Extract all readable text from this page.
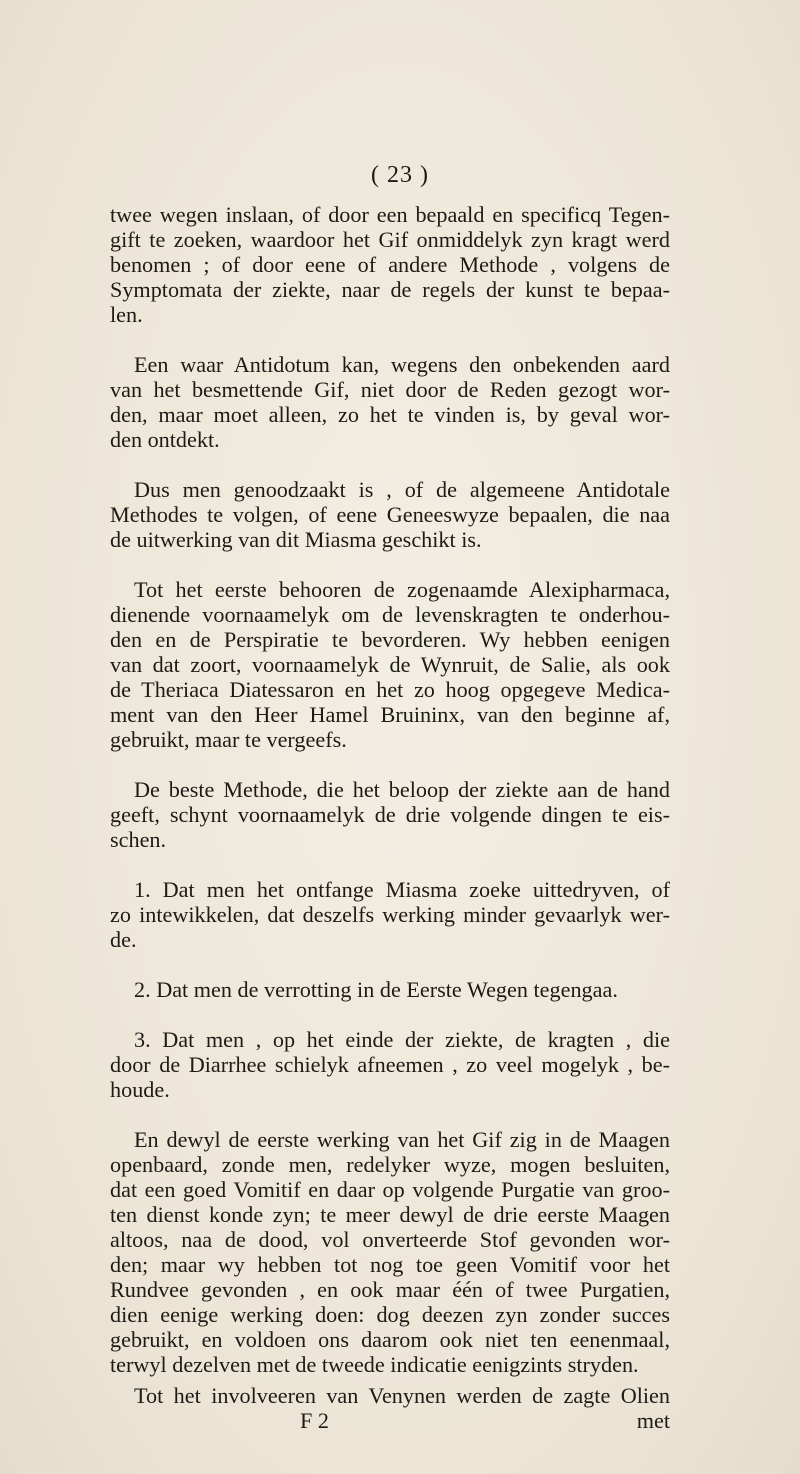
( 23 )
twee wegen inslaan, of door een bepaald en specificq Tegen-
gift te zoeken, waardoor het Gif onmiddelyk zyn kragt werd
benomen ; of door eene of andere Methode , volgens de
Symptomata der ziekte, naar de regels der kunst te bepaa-
len.
Een waar Antidotum kan, wegens den onbekenden aard
van het besmettende Gif, niet door de Reden gezogt wor-
den, maar moet alleen, zo het te vinden is, by geval wor-
den ontdekt.
Dus men genoodzaakt is , of de algemeene Antidotale
Methodes te volgen, of eene Geneeswyze bepaalen, die naa
de uitwerking van dit Miasma geschikt is.
Tot het eerste behooren de zogenaamde Alexipharmaca,
dienende voornaamelyk om de levenskragten te onderhou-
den en de Perspiratie te bevorderen. Wy hebben eenigen
van dat zoort, voornaamelyk de Wynruit, de Salie, als ook
de Theriaca Diatessaron en het zo hoog opgegeve Medica-
ment van den Heer Hamel Bruininx, van den beginne af,
gebruikt, maar te vergeefs.
De beste Methode, die het beloop der ziekte aan de hand
geeft, schynt voornaamelyk de drie volgende dingen te eis-
schen.
1. Dat men het ontfange Miasma zoeke uittedryven, of
zo intewikkelen, dat deszelfs werking minder gevaarlyk wer-
de.
2. Dat men de verrotting in de Eerste Wegen tegengaa.
3. Dat men , op het einde der ziekte, de kragten , die
door de Diarrhee schielyk afneemen , zo veel mogelyk , be-
houde.
En dewyl de eerste werking van het Gif zig in de Maagen
openbaard, zonde men, redelyker wyze, mogen besluiten,
dat een goed Vomitif en daar op volgende Purgatie van groo-
ten dienst konde zyn; te meer dewyl de drie eerste Maagen
altoos, naa de dood, vol onverteerde Stof gevonden wor-
den; maar wy hebben tot nog toe geen Vomitif voor het
Rundvee gevonden , en ook maar één of twee Purgatien,
dien eenige werking doen: dog deezen zyn zonder succes
gebruikt, en voldoen ons daarom ook niet ten eenenmaal,
terwyl dezelven met de tweede indicatie eenigzints stryden.
Tot het involveeren van Venynen werden de zagte Olien
F 2	met
